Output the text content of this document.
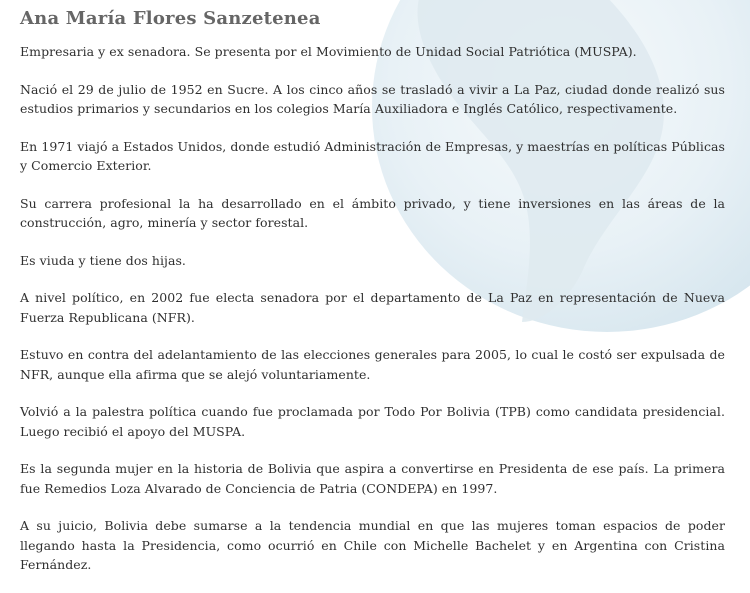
Ana María Flores Sanzetenea

Empresaria y ex senadora. Se presenta por el Movimiento de Unidad Social Patriótica (MUSPA).

Nació el 29 de julio de 1952 en Sucre. A los cinco años se trasladó a vivir a La Paz, ciudad donde realizó sus estudios primarios y secundarios en los colegios María Auxiliadora e Inglés Católico, respectivamente.

En 1971 viajó a Estados Unidos, donde estudió Administración de Empresas, y maestrías en políticas Públicas y Comercio Exterior.

Su carrera profesional la ha desarrollado en el ámbito privado, y tiene inversiones en las áreas de la construcción, agro, minería y sector forestal.

Es viuda y tiene dos hijas.

A nivel político, en 2002 fue electa senadora por el departamento de La Paz en representación de Nueva Fuerza Republicana (NFR).

Estuvo en contra del adelantamiento de las elecciones generales para 2005, lo cual le costó ser expulsada de NFR, aunque ella afirma que se alejó voluntariamente.

Volvió a la palestra política cuando fue proclamada por Todo Por Bolivia (TPB) como candidata presidencial. Luego recibió el apoyo del MUSPA.

Es la segunda mujer en la historia de Bolivia que aspira a convertirse en Presidenta de ese país. La primera fue Remedios Loza Alvarado de Conciencia de Patria (CONDEPA) en 1997.

A su juicio, Bolivia debe sumarse a la tendencia mundial en que las mujeres toman espacios de poder llegando hasta la Presidencia, como ocurrió en Chile con Michelle Bachelet y en Argentina con Cristina Fernández.
